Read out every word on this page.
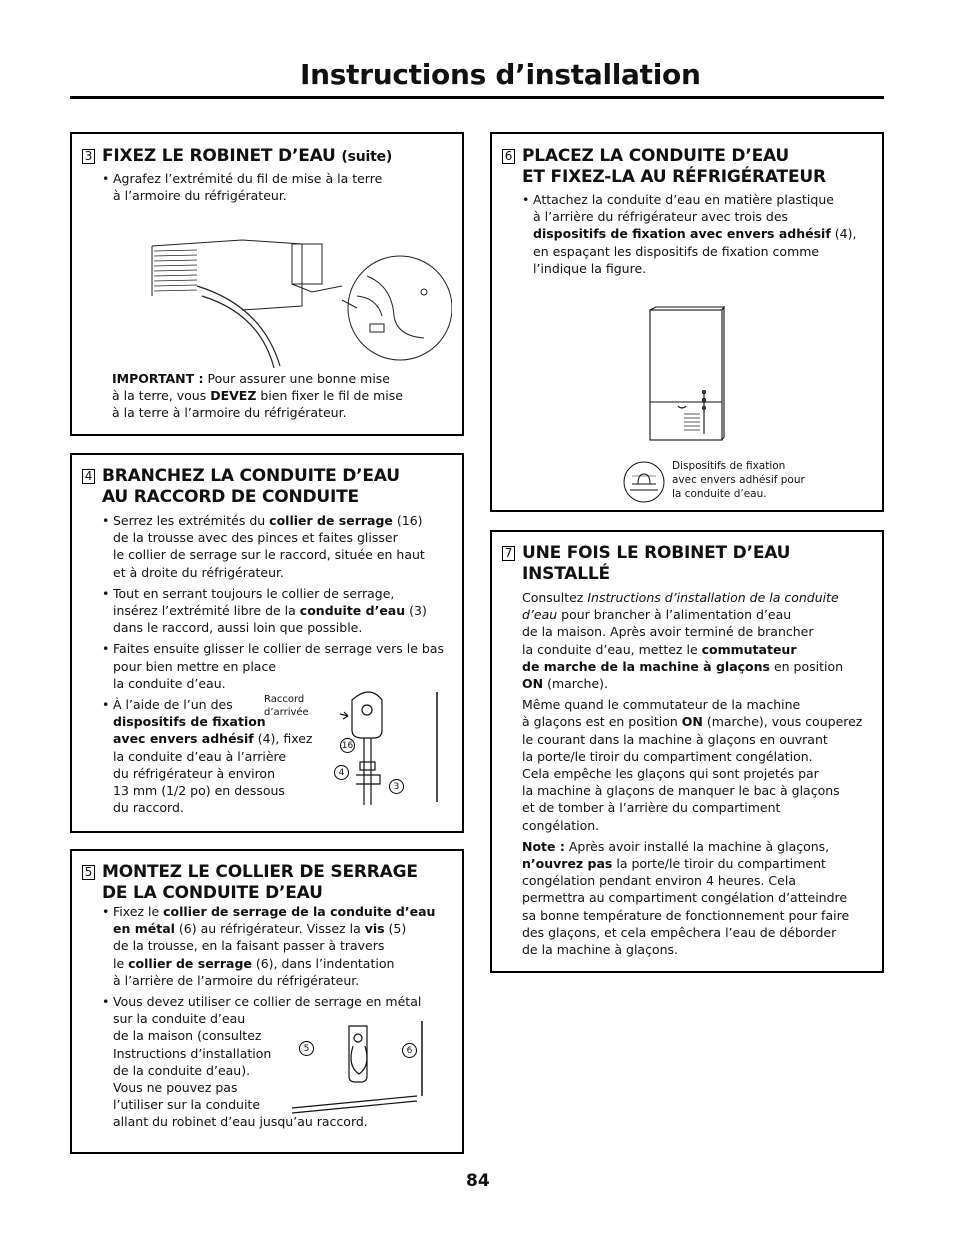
Instructions d’installation
3 FIXEZ LE ROBINET D’EAU (suite)
• Agrafez l’extrémité du fil de mise à la terre
à l’armoire du réfrigérateur.
IMPORTANT : Pour assurer une bonne mise
à la terre, vous DEVEZ bien fixer le fil de mise
à la terre à l’armoire du réfrigérateur.
4 BRANCHEZ LA CONDUITE D’EAU
AU RACCORD DE CONDUITE
• Serrez les extrémités du collier de serrage (16)
de la trousse avec des pinces et faites glisser
le collier de serrage sur le raccord, située en haut
et à droite du réfrigérateur.
• Tout en serrant toujours le collier de serrage,
insérez l’extrémité libre de la conduite d’eau (3)
dans le raccord, aussi loin que possible.
• Faites ensuite glisser le collier de serrage vers le bas
pour bien mettre en place
la conduite d’eau.
• À l’aide de l’un des
dispositifs de fixation
avec envers adhésif (4), fixez
la conduite d’eau à l’arrière
du réfrigérateur à environ
13 mm (1/2 po) en dessous
du raccord.
Raccord
d’arrivée
16
4
3
5 MONTEZ LE COLLIER DE SERRAGE
DE LA CONDUITE D’EAU
• Fixez le collier de serrage de la conduite d’eau
en métal (6) au réfrigérateur. Vissez la vis (5)
de la trousse, en la faisant passer à travers
le collier de serrage (6), dans l’indentation
à l’arrière de l’armoire du réfrigérateur.
• Vous devez utiliser ce collier de serrage en métal
sur la conduite d’eau
de la maison (consultez
Instructions d’installation
de la conduite d’eau).
Vous ne pouvez pas
l’utiliser sur la conduite
allant du robinet d’eau jusqu’au raccord.
5	6
6 PLACEZ LA CONDUITE D’EAU
ET FIXEZ-LA AU RÉFRIGÉRATEUR
• Attachez la conduite d’eau en matière plastique
à l’arrière du réfrigérateur avec trois des
dispositifs de fixation avec envers adhésif (4),
en espaçant les dispositifs de fixation comme
l’indique la figure.
Dispositifs de fixation
avec envers adhésif pour
la conduite d’eau.
7 UNE FOIS LE ROBINET D’EAU
INSTALLÉ
Consultez Instructions d’installation de la conduite
d’eau pour brancher à l’alimentation d’eau
de la maison. Après avoir terminé de brancher
la conduite d’eau, mettez le commutateur
de marche de la machine à glaçons en position
ON (marche).
Même quand le commutateur de la machine
à glaçons est en position ON (marche), vous couperez
le courant dans la machine à glaçons en ouvrant
la porte/le tiroir du compartiment congélation.
Cela empêche les glaçons qui sont projetés par
la machine à glaçons de manquer le bac à glaçons
et de tomber à l’arrière du compartiment
congélation.
Note : Après avoir installé la machine à glaçons,
n’ouvrez pas la porte/le tiroir du compartiment
congélation pendant environ 4 heures. Cela
permettra au compartiment congélation d’atteindre
sa bonne température de fonctionnement pour faire
des glaçons, et cela empêchera l’eau de déborder
de la machine à glaçons.
84
